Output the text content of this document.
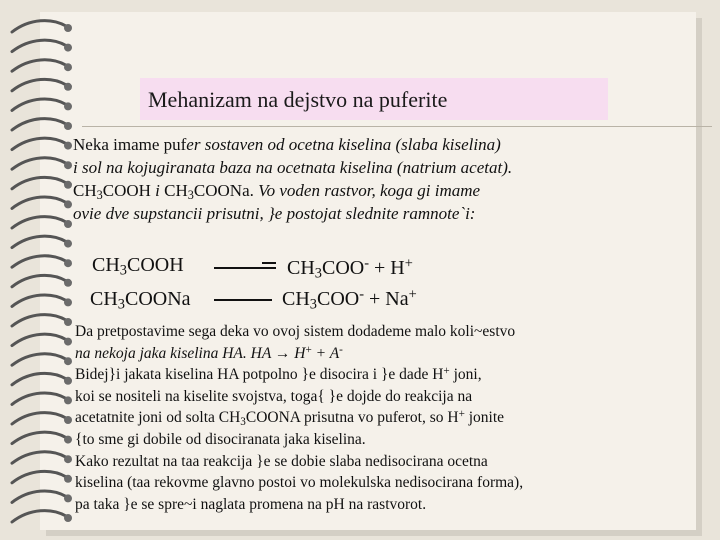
Mehanizam na dejstvo na puferite
Neka imame pufer sostaven od ocetna kiselina (slaba kiselina)
i sol na kojugiranata baza na ocetnata kiselina (natrium acetat).
$CH_3COOH$ i $CH_3COONa$. Vo voden rastvor, koga gi imame
ovie dve supstancii prisutni, }e postojat slednite ramnote`i:
$CH_3COOH$	$CH_3COO^- + H^+$
$CH_3COONa$	$CH_3COO^- + Na^+$
Da pretpostavime sega deka vo ovoj sistem dodademe malo koli~estvo
na nekoja jaka kiselina HA. HA → H+ + A-
Bidej}i jakata kiselina HA potpolno }e disocira i }e dade H+ joni,
koi se nositeli na kiselite svojstva, toga{ }e dojde do reakcija na
acetatnite joni od solta $CH_3COONA$ prisutna vo puferot, so H+ jonite
{to sme gi dobile od disociranata jaka kiselina.
Kako rezultat na taa reakcija }e se dobie slaba nedisocirana ocetna
kiselina (taa rekovme glavno postoi vo molekulska nedisocirana forma),
pa taka }e se spre~i naglata promena na pH na rastvorot.
